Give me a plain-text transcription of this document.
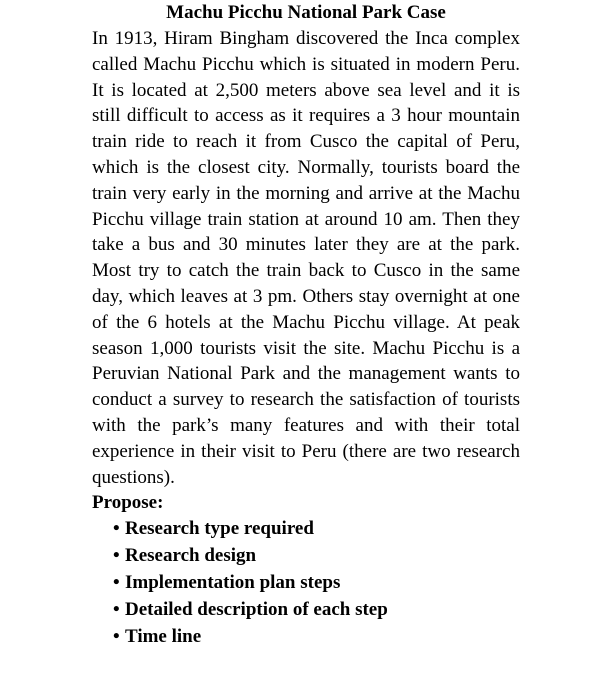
Machu Picchu National Park Case

In 1913, Hiram Bingham discovered the Inca complex called Machu Picchu which is situated in modern Peru. It is located at 2,500 meters above sea level and it is still difficult to access as it requires a 3 hour mountain train ride to reach it from Cusco the capital of Peru, which is the closest city. Normally, tourists board the train very early in the morning and arrive at the Machu Picchu village train station at around 10 am. Then they take a bus and 30 minutes later they are at the park. Most try to catch the train back to Cusco in the same day, which leaves at 3 pm. Others stay overnight at one of the 6 hotels at the Machu Picchu village. At peak season 1,000 tourists visit the site. Machu Picchu is a Peruvian National Park and the management wants to conduct a survey to research the satisfaction of tourists with the park’s many features and with their total experience in their visit to Peru (there are two research questions).

Propose:

• Research type required
• Research design
• Implementation plan steps
• Detailed description of each step
• Time line
